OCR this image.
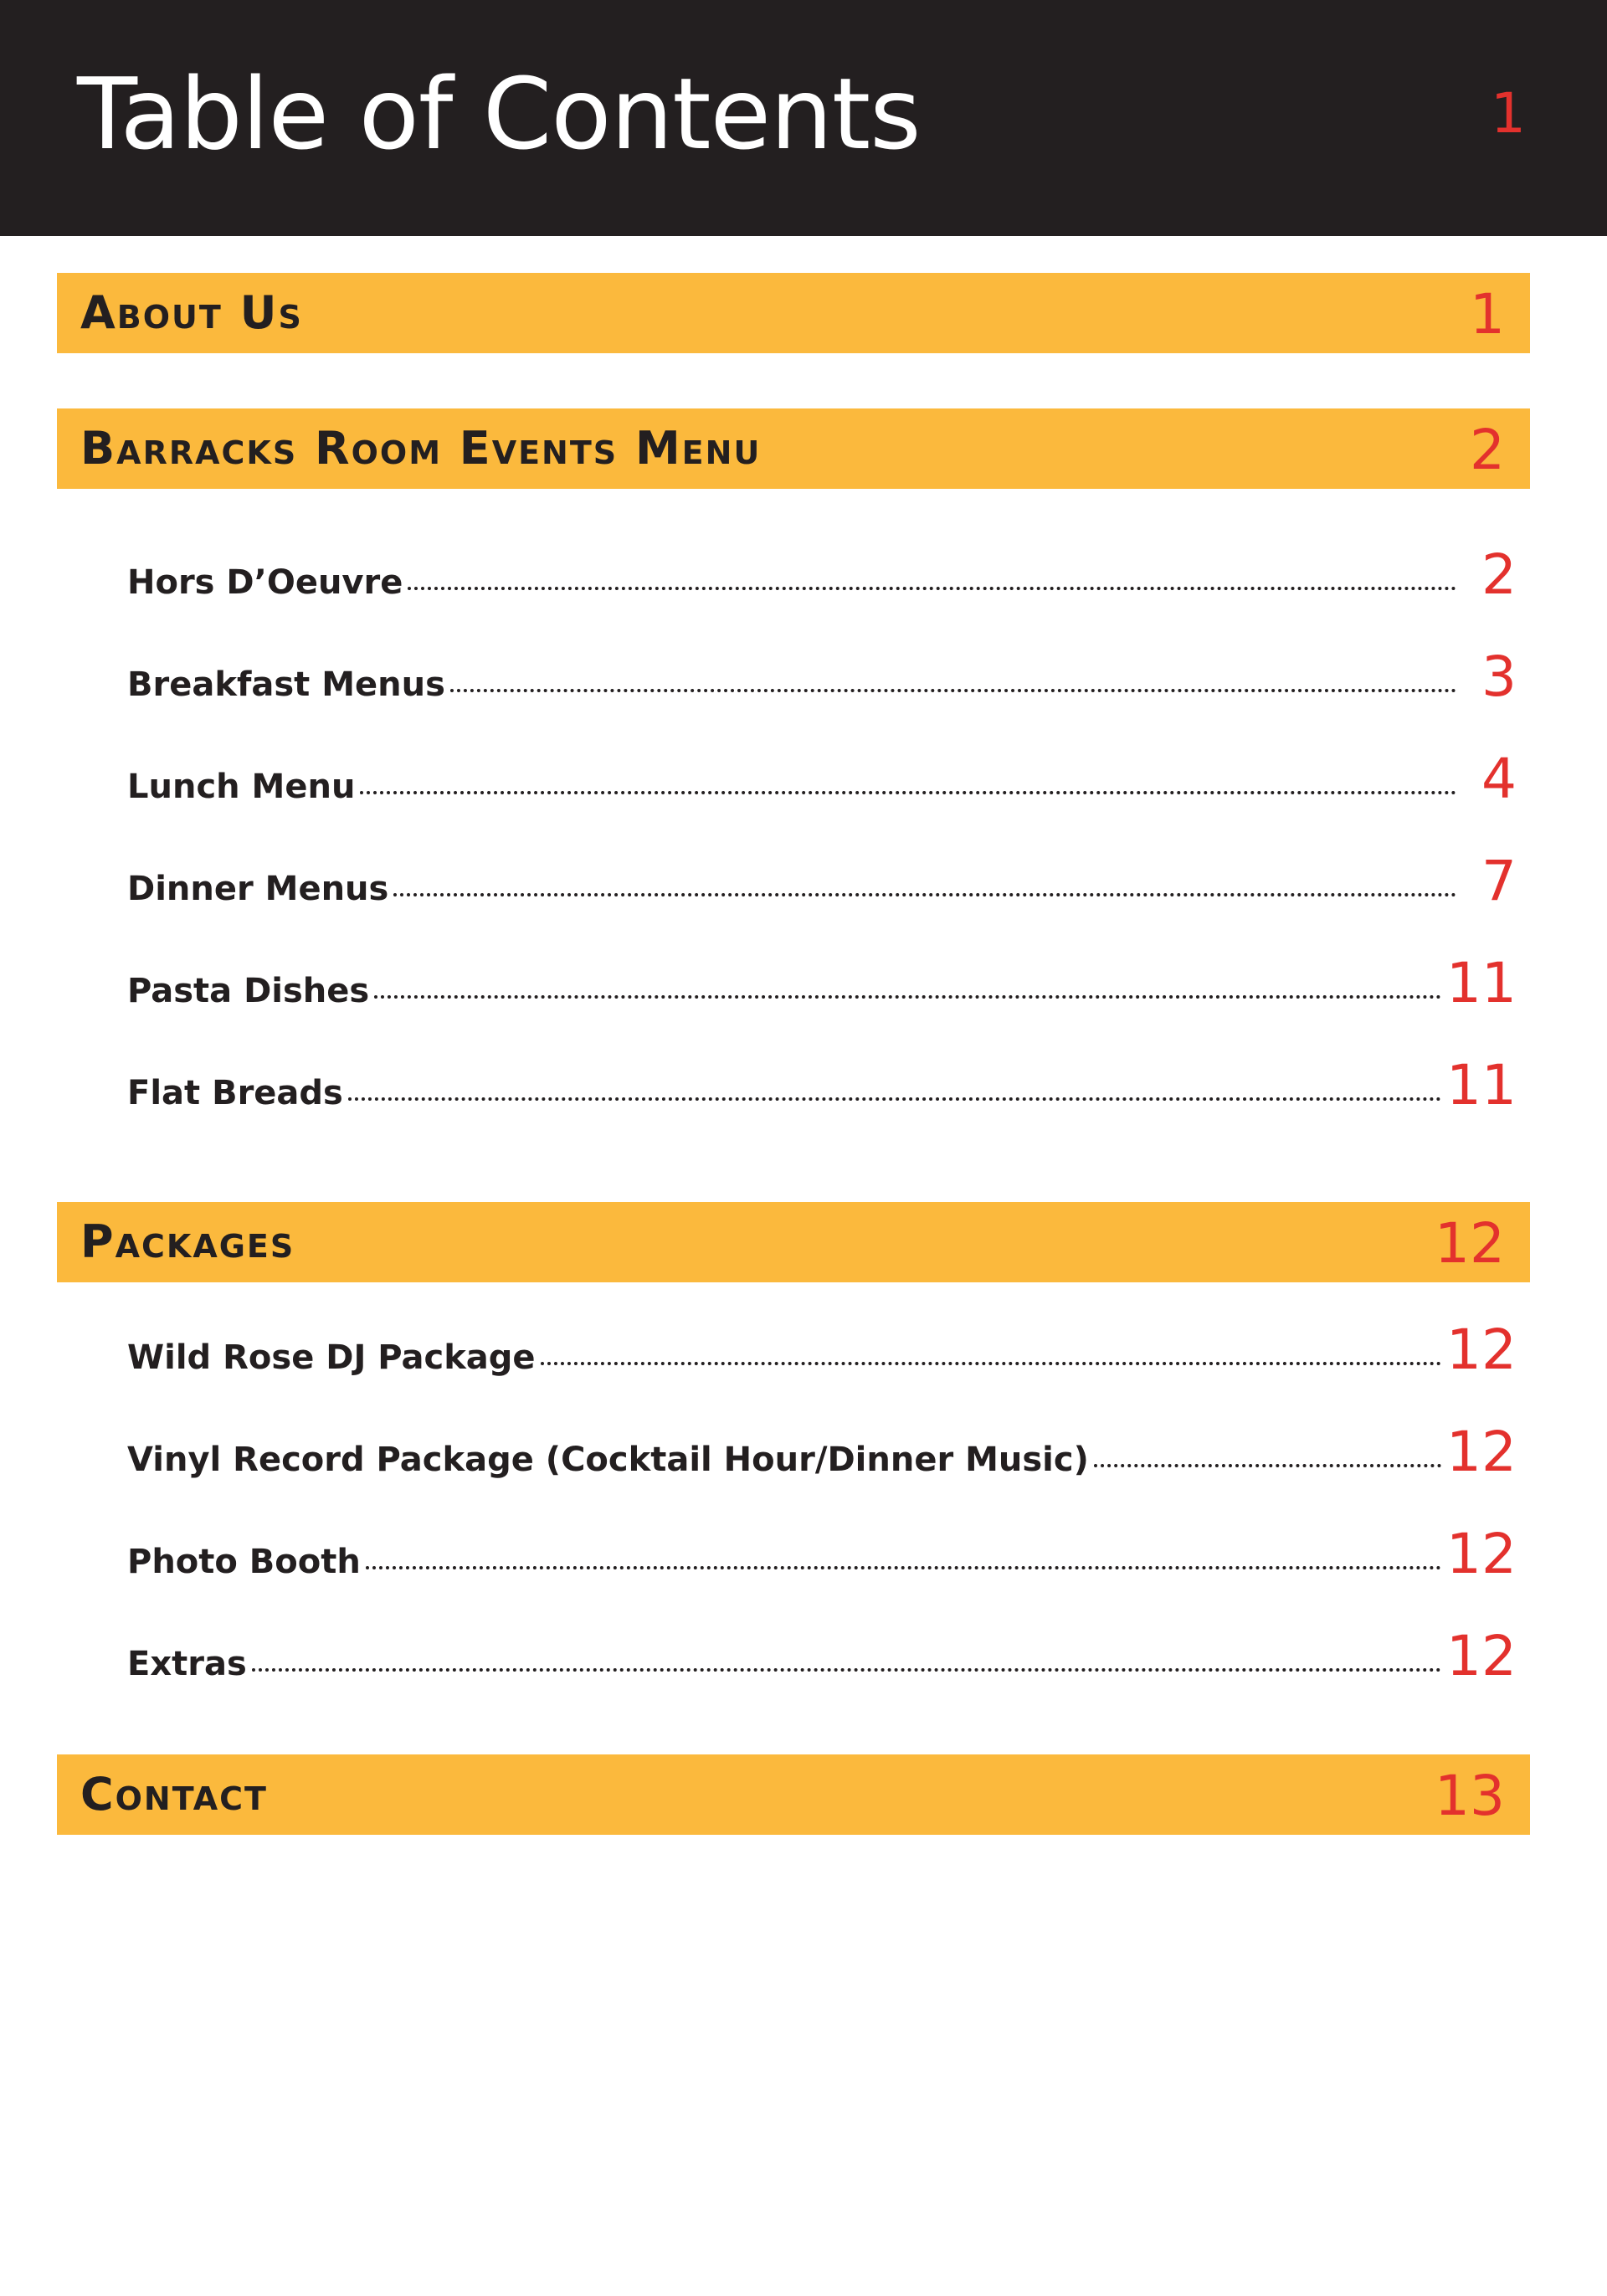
Table of Contents	1
About Us	1
Barracks Room Events Menu	2
Hors D’Oeuvre	2
Breakfast Menus	3
Lunch Menu	4
Dinner Menus	7
Pasta Dishes	11
Flat Breads	11
Packages	12
Wild Rose DJ Package	12
Vinyl Record Package (Cocktail Hour/Dinner Music)	12
Photo Booth	12
Extras	12
Contact	13
